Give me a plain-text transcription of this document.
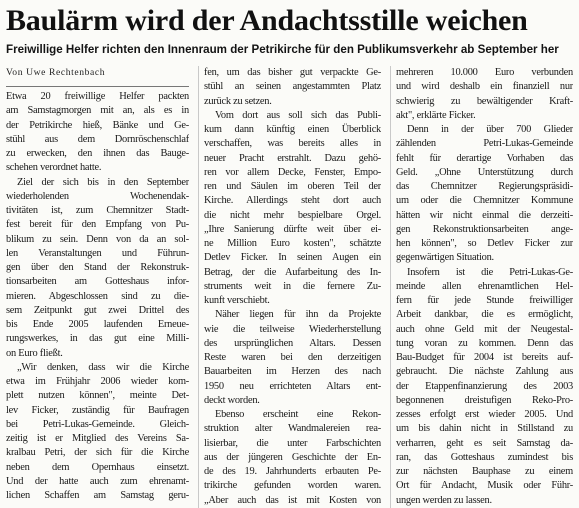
Baulärm wird der Andachtsstille weichen
Freiwillige Helfer richten den Innenraum der Petrikirche für den Publikumsverkehr ab September her
Von Uwe Rechtenbach
Etwa 20 freiwillige Helfer packten
am Samstagmorgen mit an, als es in
der Petrikirche hieß, Bänke und Ge-
stühl aus dem Dornröschenschlaf
zu erwecken, den ihnen das Bauge-
schehen verordnet hatte.
Ziel der sich bis in den September
wiederholenden Wochenendak-
tivitäten ist, zum Chemnitzer Stadt-
fest bereit für den Empfang von Pu-
blikum zu sein. Denn von da an sol-
len Veranstaltungen und Führun-
gen über den Stand der Rekonstruk-
tionsarbeiten am Gotteshaus infor-
mieren. Abgeschlossen sind zu die-
sem Zeitpunkt gut zwei Drittel des
bis Ende 2005 laufenden Erneue-
rungswerkes, in das gut eine Milli-
on Euro fließt.
„Wir denken, dass wir die Kirche
etwa im Frühjahr 2006 wieder kom-
plett nutzen können", meinte Det-
lev Ficker, zuständig für Baufragen
bei Petri-Lukas-Gemeinde. Gleich-
zeitig ist er Mitglied des Vereins Sa-
kralbau Petri, der sich für die Kirche
neben dem Opernhaus einsetzt.
Und der hatte auch zum ehrenamt-
lichen Schaffen am Samstag geru-
fen, um das bisher gut verpackte Ge-
stühl an seinen angestammten Platz
zurück zu setzen.
Vom dort aus soll sich das Publi-
kum dann künftig einen Überblick
verschaffen, was bereits alles in
neuer Pracht erstrahlt. Dazu gehö-
ren vor allem Decke, Fenster, Empo-
ren und Säulen im oberen Teil der
Kirche. Allerdings steht dort auch
die nicht mehr bespielbare Orgel.
„Ihre Sanierung dürfte weit über ei-
ne Million Euro kosten", schätzte
Detlev Ficker. In seinen Augen ein
Betrag, der die Aufarbeitung des In-
struments weit in die fernere Zu-
kunft verschiebt.
Näher liegen für ihn da Projekte
wie die teilweise Wiederherstellung
des ursprünglichen Altars. Dessen
Reste waren bei den derzeitigen
Bauarbeiten im Herzen des nach
1950 neu errichteten Altars ent-
deckt worden.
Ebenso erscheint eine Rekon-
struktion alter Wandmalereien rea-
lisierbar, die unter Farbschichten
aus der jüngeren Geschichte der En-
de des 19. Jahrhunderts erbauten Pe-
trikirche gefunden worden waren.
„Aber auch das ist mit Kosten von
mehreren 10.000 Euro verbunden
und wird deshalb ein finanziell nur
schwierig zu bewältigender Kraft-
akt", erklärte Ficker.
Denn in der über 700 Glieder
zählenden Petri-Lukas-Gemeinde
fehlt für derartige Vorhaben das
Geld. „Ohne Unterstützung durch
das Chemnitzer Regierungspräsidi-
um oder die Chemnitzer Kommune
hätten wir nicht einmal die derzeiti-
gen Rekonstruktionsarbeiten ange-
hen können", so Detlev Ficker zur
gegenwärtigen Situation.
Insofern ist die Petri-Lukas-Ge-
meinde allen ehrenamtlichen Hel-
fern für jede Stunde freiwilliger
Arbeit dankbar, die es ermöglicht,
auch ohne Geld mit der Neugestal-
tung voran zu kommen. Denn das
Bau-Budget für 2004 ist bereits auf-
gebraucht. Die nächste Zahlung aus
der Etappenfinanzierung des 2003
begonnenen dreistufigen Reko-Pro-
zesses erfolgt erst wieder 2005. Und
um bis dahin nicht in Stillstand zu
verharren, geht es seit Samstag da-
ran, das Gotteshaus zumindest bis
zur nächsten Bauphase zu einem
Ort für Andacht, Musik oder Führ-
ungen werden zu lassen.
